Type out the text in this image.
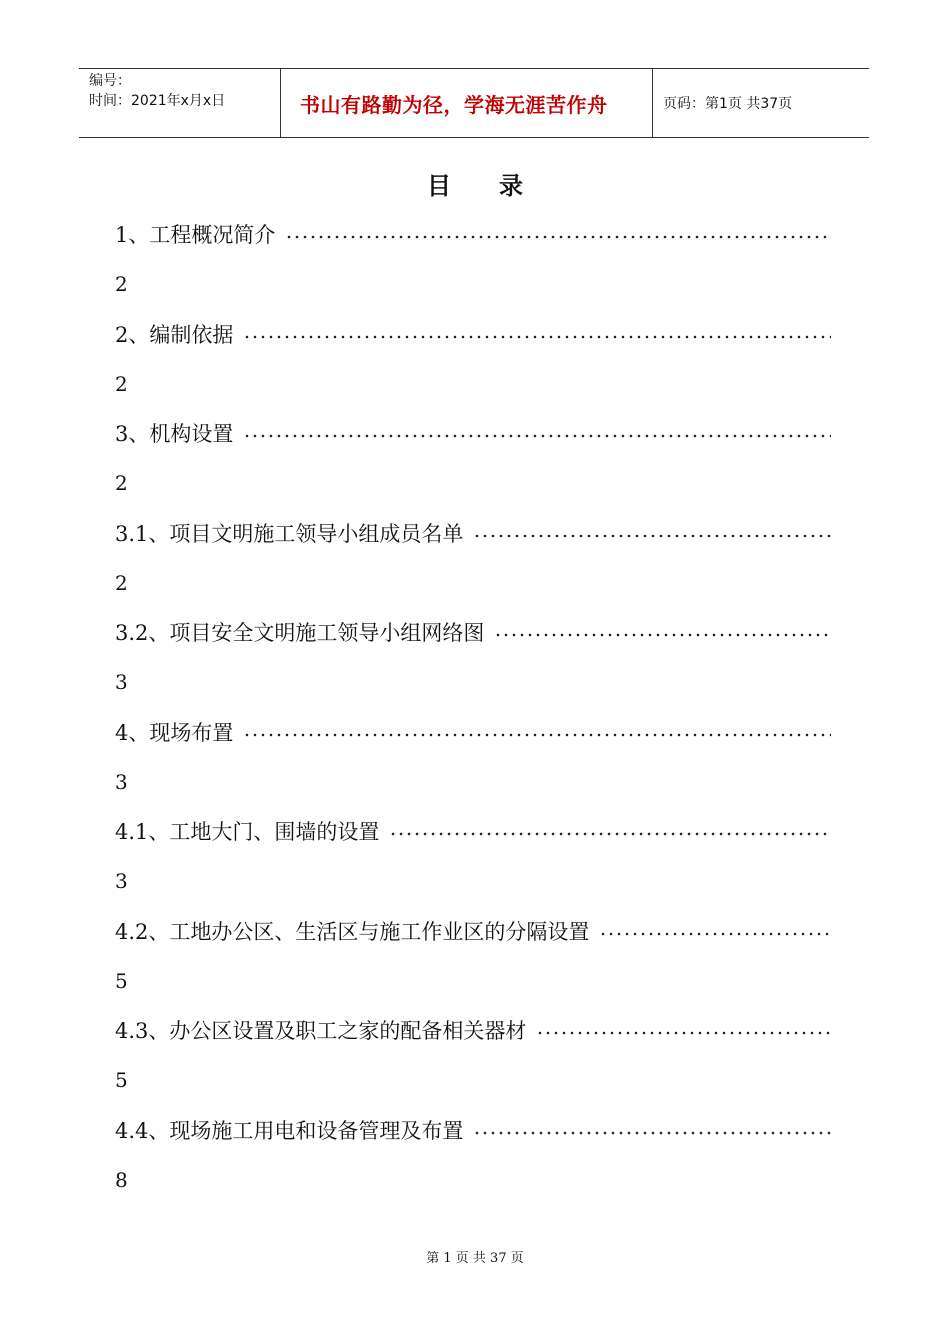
编号：
时间：2021年x月x日	书山有路勤为径，学海无涯苦作舟	页码：第1页 共37页
目录
1、工程概况简介
2
2、编制依据
2
3、机构设置
2
3.1、项目文明施工领导小组成员名单
2
3.2、项目安全文明施工领导小组网络图
3
4、现场布置
3
4.1、工地大门、围墙的设置
3
4.2、工地办公区、生活区与施工作业区的分隔设置
5
4.3、办公区设置及职工之家的配备相关器材
5
4.4、现场施工用电和设备管理及布置
8
第 1 页 共 37 页
